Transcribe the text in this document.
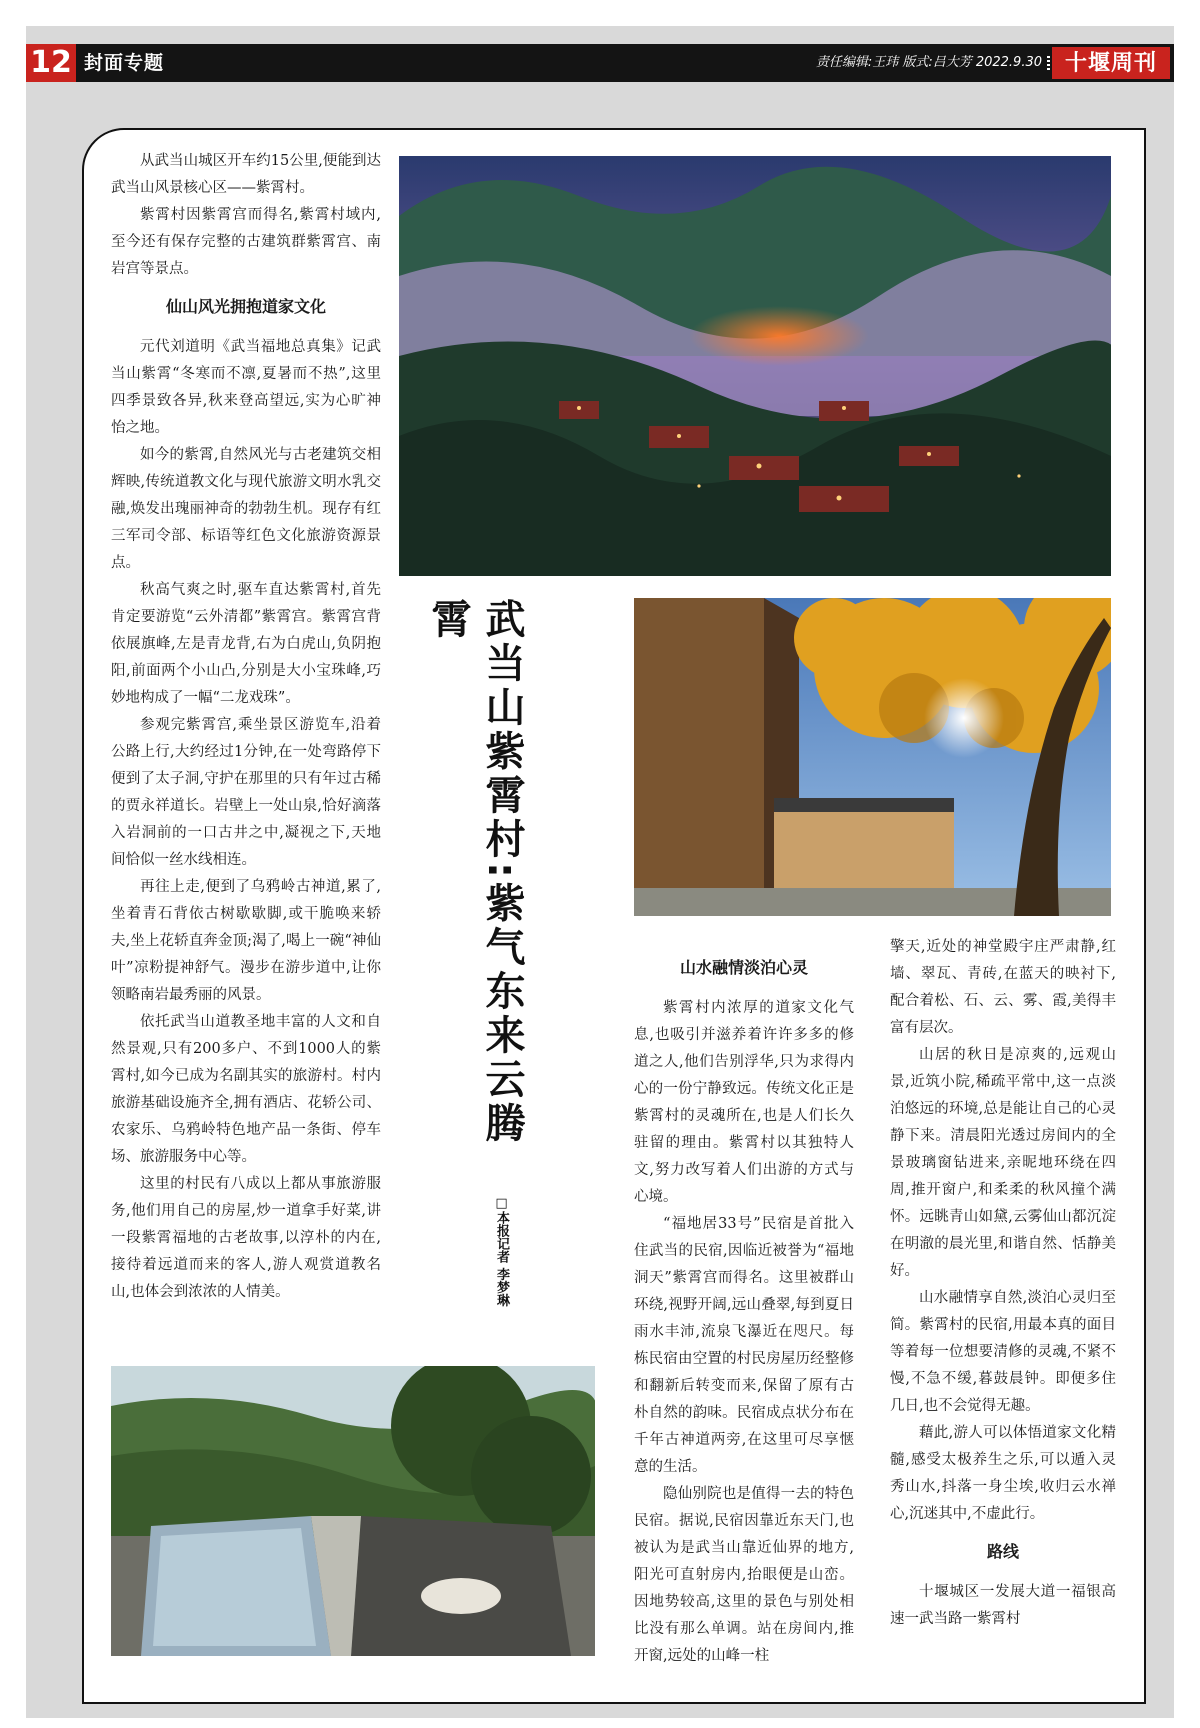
12 封面专题	责任编辑:王玮 版式:吕大芳 2022.9.30	十堰周刊

从武当山城区开车约15公里,便能到达武当山风景核心区——紫霄村。

紫霄村因紫霄宫而得名,紫霄村域内,至今还有保存完整的古建筑群紫霄宫、南岩宫等景点。

仙山风光拥抱道家文化

元代刘道明《武当福地总真集》记武当山紫霄“冬寒而不凛,夏暑而不热”,这里四季景致各异,秋来登高望远,实为心旷神怡之地。

如今的紫霄,自然风光与古老建筑交相辉映,传统道教文化与现代旅游文明水乳交融,焕发出瑰丽神奇的勃勃生机。现存有红三军司令部、标语等红色文化旅游资源景点。

秋高气爽之时,驱车直达紫霄村,首先肯定要游览“云外清都”紫霄宫。紫霄宫背依展旗峰,左是青龙背,右为白虎山,负阴抱阳,前面两个小山凸,分别是大小宝珠峰,巧妙地构成了一幅“二龙戏珠”。

参观完紫霄宫,乘坐景区游览车,沿着公路上行,大约经过1分钟,在一处弯路停下便到了太子洞,守护在那里的只有年过古稀的贾永祥道长。岩壁上一处山泉,恰好滴落入岩洞前的一口古井之中,凝视之下,天地间恰似一丝水线相连。

再往上走,便到了乌鸦岭古神道,累了,坐着青石背依古树歇歇脚,或干脆唤来轿夫,坐上花轿直奔金顶;渴了,喝上一碗“神仙叶”凉粉提神舒气。漫步在游步道中,让你领略南岩最秀丽的风景。

依托武当山道教圣地丰富的人文和自然景观,只有200多户、不到1000人的紫霄村,如今已成为名副其实的旅游村。村内旅游基础设施齐全,拥有酒店、花轿公司、农家乐、乌鸦岭特色地产品一条街、停车场、旅游服务中心等。

这里的村民有八成以上都从事旅游服务,他们用自己的房屋,炒一道拿手好菜,讲一段紫霄福地的古老故事,以淳朴的内在,接待着远道而来的客人,游人观赏道教名山,也体会到浓浓的人情美。

武当山紫霄村:紫气东来云腾霄
□本报记者 李梦琳
山水融情淡泊心灵

紫霄村内浓厚的道家文化气息,也吸引并滋养着许许多多的修道之人,他们告别浮华,只为求得内心的一份宁静致远。传统文化正是紫霄村的灵魂所在,也是人们长久驻留的理由。紫霄村以其独特人文,努力改写着人们出游的方式与心境。

“福地居33号”民宿是首批入住武当的民宿,因临近被誉为“福地洞天”紫霄宫而得名。这里被群山环绕,视野开阔,远山叠翠,每到夏日雨水丰沛,流泉飞瀑近在咫尺。每栋民宿由空置的村民房屋历经整修和翻新后转变而来,保留了原有古朴自然的韵味。民宿成点状分布在千年古神道两旁,在这里可尽享惬意的生活。

隐仙别院也是值得一去的特色民宿。据说,民宿因靠近东天门,也被认为是武当山靠近仙界的地方,阳光可直射房内,抬眼便是山峦。因地势较高,这里的景色与别处相比没有那么单调。站在房间内,推开窗,远处的山峰一柱

擎天,近处的神堂殿宇庄严肃静,红墙、翠瓦、青砖,在蓝天的映衬下,配合着松、石、云、雾、霞,美得丰富有层次。

山居的秋日是凉爽的,远观山景,近筑小院,稀疏平常中,这一点淡泊悠远的环境,总是能让自己的心灵静下来。清晨阳光透过房间内的全景玻璃窗钻进来,亲昵地环绕在四周,推开窗户,和柔柔的秋风撞个满怀。远眺青山如黛,云雾仙山都沉淀在明澈的晨光里,和谐自然、恬静美好。

山水融情享自然,淡泊心灵归至简。紫霄村的民宿,用最本真的面目等着每一位想要清修的灵魂,不紧不慢,不急不缓,暮鼓晨钟。即便多住几日,也不会觉得无趣。

藉此,游人可以体悟道家文化精髓,感受太极养生之乐,可以遁入灵秀山水,抖落一身尘埃,收归云水禅心,沉迷其中,不虚此行。

路线

十堰城区一发展大道一福银高速一武当路一紫霄村
